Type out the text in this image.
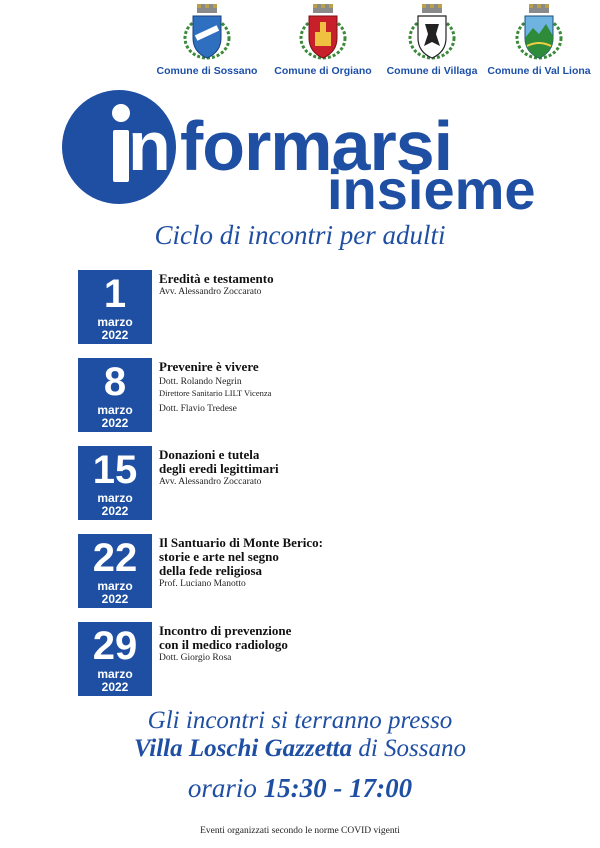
Comune di Sossano	Comune di Orgiano	Comune di Villaga Comune di Val Liona
n formarsi
insieme
Ciclo di incontri per adulti
1
marzo
2022
Eredità e testamento
Avv. Alessandro Zoccarato
8
marzo
2022
Prevenire è vivere
Dott. Rolando Negrin
Direttore Sanitario LILT Vicenza
Dott. Flavio Tredese
15
marzo
2022
Donazioni e tutela
degli eredi legittimari
Avv. Alessandro Zoccarato
22
marzo
2022
Il Santuario di Monte Berico:
storie e arte nel segno
della fede religiosa
Prof. Luciano Manotto
29
marzo
2022
Incontro di prevenzione
con il medico radiologo
Dott. Giorgio Rosa
Gli incontri si terranno presso
Villa Loschi Gazzetta di Sossano
orario 15:30 - 17:00
Eventi organizzati secondo le norme COVID vigenti
